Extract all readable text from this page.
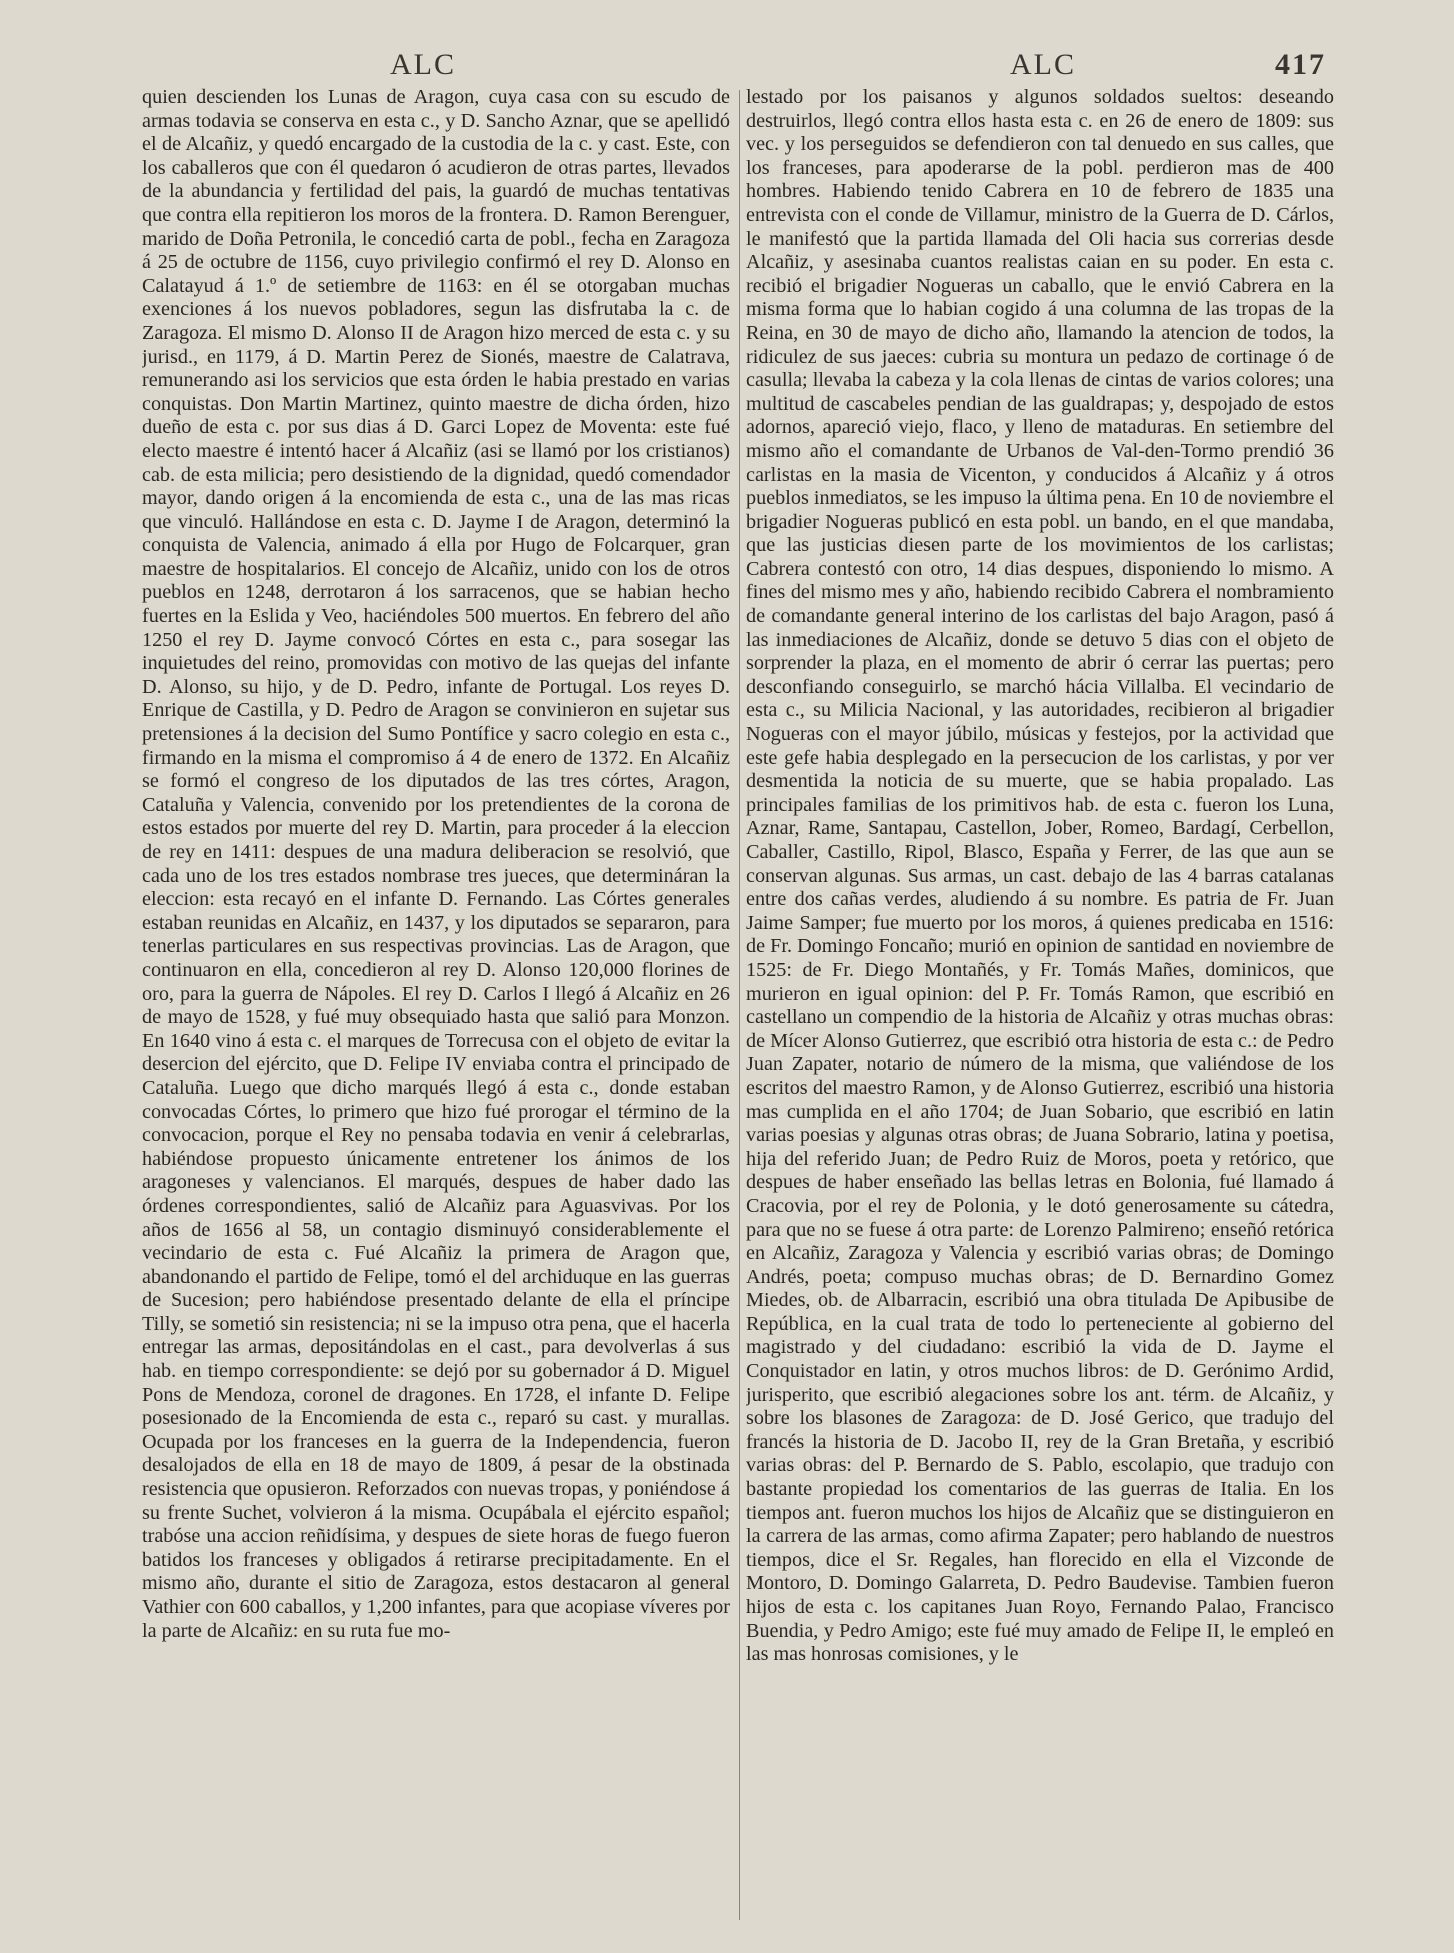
ALC	ALC	417

quien descienden los Lunas de Aragon, cuya casa con su escudo de armas todavia se conserva en esta c., y D. Sancho Aznar, que se apellidó el de Alcañiz, y quedó encargado de la custodia de la c. y cast. Este, con los caballeros que con él quedaron ó acudieron de otras partes, llevados de la abundancia y fertilidad del pais, la guardó de muchas tentativas que contra ella repitieron los moros de la frontera. D. Ramon Berenguer, marido de Doña Petronila, le concedió carta de pobl., fecha en Zaragoza á 25 de octubre de 1156, cuyo privilegio confirmó el rey D. Alonso en Calatayud á 1.º de setiembre de 1163: en él se otorgaban muchas exenciones á los nuevos pobladores, segun las disfrutaba la c. de Zaragoza. El mismo D. Alonso II de Aragon hizo merced de esta c. y su jurisd., en 1179, á D. Martin Perez de Sionés, maestre de Calatrava, remunerando asi los servicios que esta órden le habia prestado en varias conquistas. Don Martin Martinez, quinto maestre de dicha órden, hizo dueño de esta c. por sus dias á D. Garci Lopez de Moventa: este fué electo maestre é intentó hacer á Alcañiz (asi se llamó por los cristianos) cab. de esta milicia; pero desistiendo de la dignidad, quedó comendador mayor, dando origen á la encomienda de esta c., una de las mas ricas que vinculó. Hallándose en esta c. D. Jayme I de Aragon, determinó la conquista de Valencia, animado á ella por Hugo de Folcarquer, gran maestre de hospitalarios. El concejo de Alcañiz, unido con los de otros pueblos en 1248, derrotaron á los sarracenos, que se habian hecho fuertes en la Eslida y Veo, haciéndoles 500 muertos. En febrero del año 1250 el rey D. Jayme convocó Córtes en esta c., para sosegar las inquietudes del reino, promovidas con motivo de las quejas del infante D. Alonso, su hijo, y de D. Pedro, infante de Portugal. Los reyes D. Enrique de Castilla, y D. Pedro de Aragon se convinieron en sujetar sus pretensiones á la decision del Sumo Pontífice y sacro colegio en esta c., firmando en la misma el compromiso á 4 de enero de 1372. En Alcañiz se formó el congreso de los diputados de las tres córtes, Aragon, Cataluña y Valencia, convenido por los pretendientes de la corona de estos estados por muerte del rey D. Martin, para proceder á la eleccion de rey en 1411: despues de una madura deliberacion se resolvió, que cada uno de los tres estados nombrase tres jueces, que determináran la eleccion: esta recayó en el infante D. Fernando. Las Córtes generales estaban reunidas en Alcañiz, en 1437, y los diputados se separaron, para tenerlas particulares en sus respectivas provincias. Las de Aragon, que continuaron en ella, concedieron al rey D. Alonso 120,000 florines de oro, para la guerra de Nápoles. El rey D. Carlos I llegó á Alcañiz en 26 de mayo de 1528, y fué muy obsequiado hasta que salió para Monzon. En 1640 vino á esta c. el marques de Torrecusa con el objeto de evitar la desercion del ejército, que D. Felipe IV enviaba contra el principado de Cataluña. Luego que dicho marqués llegó á esta c., donde estaban convocadas Córtes, lo primero que hizo fué prorogar el término de la convocacion, porque el Rey no pensaba todavia en venir á celebrarlas, habiéndose propuesto únicamente entretener los ánimos de los aragoneses y valencianos. El marqués, despues de haber dado las órdenes correspondientes, salió de Alcañiz para Aguasvivas. Por los años de 1656 al 58, un contagio disminuyó considerablemente el vecindario de esta c. Fué Alcañiz la primera de Aragon que, abandonando el partido de Felipe, tomó el del archiduque en las guerras de Sucesion; pero habiéndose presentado delante de ella el príncipe Tilly, se sometió sin resistencia; ni se la impuso otra pena, que el hacerla entregar las armas, depositándolas en el cast., para devolverlas á sus hab. en tiempo correspondiente: se dejó por su gobernador á D. Miguel Pons de Mendoza, coronel de dragones. En 1728, el infante D. Felipe posesionado de la Encomienda de esta c., reparó su cast. y murallas. Ocupada por los franceses en la guerra de la Independencia, fueron desalojados de ella en 18 de mayo de 1809, á pesar de la obstinada resistencia que opusieron. Reforzados con nuevas tropas, y poniéndose á su frente Suchet, volvieron á la misma. Ocupábala el ejército español; trabóse una accion reñidísima, y despues de siete horas de fuego fueron batidos los franceses y obligados á retirarse precipitadamente. En el mismo año, durante el sitio de Zaragoza, estos destacaron al general Vathier con 600 caballos, y 1,200 infantes, para que acopiase víveres por la parte de Alcañiz: en su ruta fue mo-

lestado por los paisanos y algunos soldados sueltos: deseando destruirlos, llegó contra ellos hasta esta c. en 26 de enero de 1809: sus vec. y los perseguidos se defendieron con tal denuedo en sus calles, que los franceses, para apoderarse de la pobl. perdieron mas de 400 hombres. Habiendo tenido Cabrera en 10 de febrero de 1835 una entrevista con el conde de Villamur, ministro de la Guerra de D. Cárlos, le manifestó que la partida llamada del Oli hacia sus correrias desde Alcañiz, y asesinaba cuantos realistas caian en su poder. En esta c. recibió el brigadier Nogueras un caballo, que le envió Cabrera en la misma forma que lo habian cogido á una columna de las tropas de la Reina, en 30 de mayo de dicho año, llamando la atencion de todos, la ridiculez de sus jaeces: cubria su montura un pedazo de cortinage ó de casulla; llevaba la cabeza y la cola llenas de cintas de varios colores; una multitud de cascabeles pendian de las gualdrapas; y, despojado de estos adornos, apareció viejo, flaco, y lleno de mataduras. En setiembre del mismo año el comandante de Urbanos de Val-den-Tormo prendió 36 carlistas en la masia de Vicenton, y conducidos á Alcañiz y á otros pueblos inmediatos, se les impuso la última pena. En 10 de noviembre el brigadier Nogueras publicó en esta pobl. un bando, en el que mandaba, que las justicias diesen parte de los movimientos de los carlistas; Cabrera contestó con otro, 14 dias despues, disponiendo lo mismo. A fines del mismo mes y año, habiendo recibido Cabrera el nombramiento de comandante general interino de los carlistas del bajo Aragon, pasó á las inmediaciones de Alcañiz, donde se detuvo 5 dias con el objeto de sorprender la plaza, en el momento de abrir ó cerrar las puertas; pero desconfiando conseguirlo, se marchó hácia Villalba. El vecindario de esta c., su Milicia Nacional, y las autoridades, recibieron al brigadier Nogueras con el mayor júbilo, músicas y festejos, por la actividad que este gefe habia desplegado en la persecucion de los carlistas, y por ver desmentida la noticia de su muerte, que se habia propalado. Las principales familias de los primitivos hab. de esta c. fueron los Luna, Aznar, Rame, Santapau, Castellon, Jober, Romeo, Bardagí, Cerbellon, Caballer, Castillo, Ripol, Blasco, España y Ferrer, de las que aun se conservan algunas. Sus armas, un cast. debajo de las 4 barras catalanas entre dos cañas verdes, aludiendo á su nombre. Es patria de Fr. Juan Jaime Samper; fue muerto por los moros, á quienes predicaba en 1516: de Fr. Domingo Foncaño; murió en opinion de santidad en noviembre de 1525: de Fr. Diego Montañés, y Fr. Tomás Mañes, dominicos, que murieron en igual opinion: del P. Fr. Tomás Ramon, que escribió en castellano un compendio de la historia de Alcañiz y otras muchas obras: de Mícer Alonso Gutierrez, que escribió otra historia de esta c.: de Pedro Juan Zapater, notario de número de la misma, que valiéndose de los escritos del maestro Ramon, y de Alonso Gutierrez, escribió una historia mas cumplida en el año 1704; de Juan Sobario, que escribió en latin varias poesias y algunas otras obras; de Juana Sobrario, latina y poetisa, hija del referido Juan; de Pedro Ruiz de Moros, poeta y retórico, que despues de haber enseñado las bellas letras en Bolonia, fué llamado á Cracovia, por el rey de Polonia, y le dotó generosamente su cátedra, para que no se fuese á otra parte: de Lorenzo Palmireno; enseñó retórica en Alcañiz, Zaragoza y Valencia y escribió varias obras; de Domingo Andrés, poeta; compuso muchas obras; de D. Bernardino Gomez Miedes, ob. de Albarracin, escribió una obra titulada De Apibusibe de República, en la cual trata de todo lo perteneciente al gobierno del magistrado y del ciudadano: escribió la vida de D. Jayme el Conquistador en latin, y otros muchos libros: de D. Gerónimo Ardid, jurisperito, que escribió alegaciones sobre los ant. térm. de Alcañiz, y sobre los blasones de Zaragoza: de D. José Gerico, que tradujo del francés la historia de D. Jacobo II, rey de la Gran Bretaña, y escribió varias obras: del P. Bernardo de S. Pablo, escolapio, que tradujo con bastante propiedad los comentarios de las guerras de Italia. En los tiempos ant. fueron muchos los hijos de Alcañiz que se distinguieron en la carrera de las armas, como afirma Zapater; pero hablando de nuestros tiempos, dice el Sr. Regales, han florecido en ella el Vizconde de Montoro, D. Domingo Galarreta, D. Pedro Baudevise. Tambien fueron hijos de esta c. los capitanes Juan Royo, Fernando Palao, Francisco Buendia, y Pedro Amigo; este fué muy amado de Felipe II, le empleó en las mas honrosas comisiones, y le
